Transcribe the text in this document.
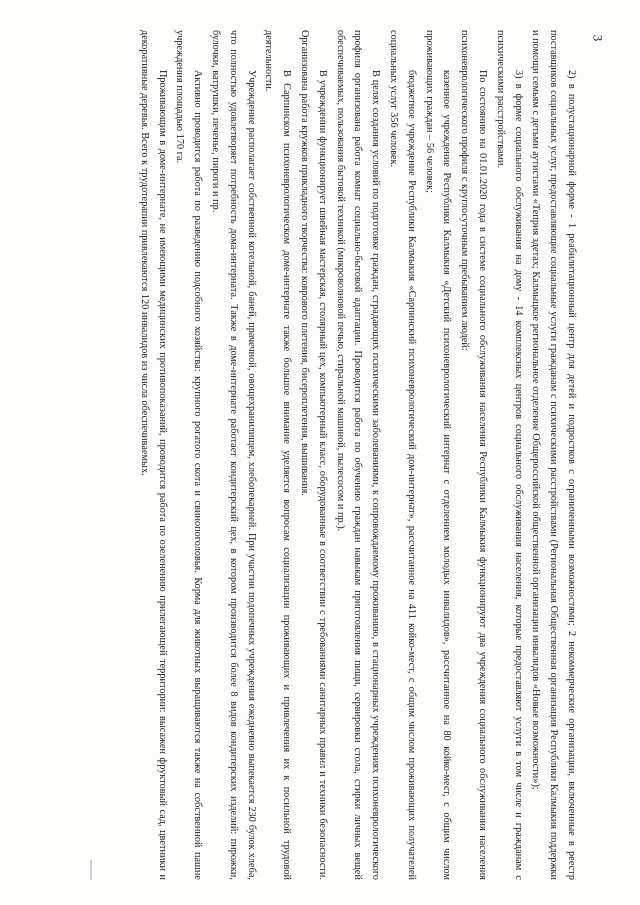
2) в полустационарной форме - 1 реабилитационный центр для детей и подростков с ограниченными возможностями; 2 некоммерческие организации, включенные в реестр поставщиков социальных услуг, предоставляющие социальные услуги гражданам с психическими расстройствами (Региональная Общественная организация Республики Калмыкия поддержки и помощи семьям с детьми аутистами «Теприя здетах; Калмыцкое региональное отделение Общероссийской общественной организации инвалидов «Новые возможности»);

3) в форме социального обслуживания на дому - 14 комплексных центров социального обслуживания населения, которые предоставляют услуги в том числе и гражданам с психическими расстройствами.

По состоянию на 01.01.2020 года в системе социального обслуживания населения Республики Калмыкия функционируют два учреждения социального обслуживания населения психоневрологического профиля с круглосуточным пребыванием людей:

казенное учреждение Республики Калмыкия «Детский психоневрологический интернат с отделением молодых инвалидов», рассчитанное на 80 койко-мест, с общим числом проживающих граждан – 56 человек;

бюджетное учреждение Республики Калмыкия «Сарпинский психоневрологический дом-интернат», рассчитанное на 411 койко-мест, с общим числом проживающих получателей социальных услуг 356 человек.

В целях создания условий по подготовке граждан, страдающих психическими заболеваниями, к сопровождаемому проживанию, в стационарных учреждениях психоневрологического профиля организована работа комнат социально-бытовой адаптации. Проводится работа по обучению граждан навыкам приготовления пищи, сервировки стола, стирки личных вещей обеспечиваемых, пользования бытовой техникой (микроволновой печью, стиральной машиной, пылесосом и пр.).

В учреждении функционирует швейная мастерская, столярный цех, компьютерный класс, оборудованные в соответствии с требованиями санитарных правил и техники безопасности. Организована работа кружков прикладного творчества: коврового плетения, бисероплетения, вышивания.

В Сарпинском психоневрологическом доме-интернате также большое внимание уделяется вопросам социализации проживающих и привлечения их к посильной трудовой деятельности.

Учреждение располагает собственной котельной, баней, прачечной, овощехранилищем, хлебопекарней. При участии подопечных учреждения ежедневно выпекается 230 булок хлеба, что полностью удовлетворяет потребность дома-интерната. Также в доме-интернате работает кондитерский цех, в котором производится более 8 видов кондитерских изделий: пирожки, булочки, ватрушки, печенье, пироги и пр.

Активно проводится работа по разведению подсобного хозяйства: крупного рогатого скота и свинопоголовья. Корма для животных выращиваются также на собственной пашне учреждения площадью 170 га.

Проживающим в доме-интернате, не имеющими медицинских противопоказаний, проводится работа по озеленению прилегающей территории: высажен фруктовый сад, цветники и декоративные деревья. Всего к трудотерапии привлекаются 120 инвалидов из числа обеспечиваемых.	3
